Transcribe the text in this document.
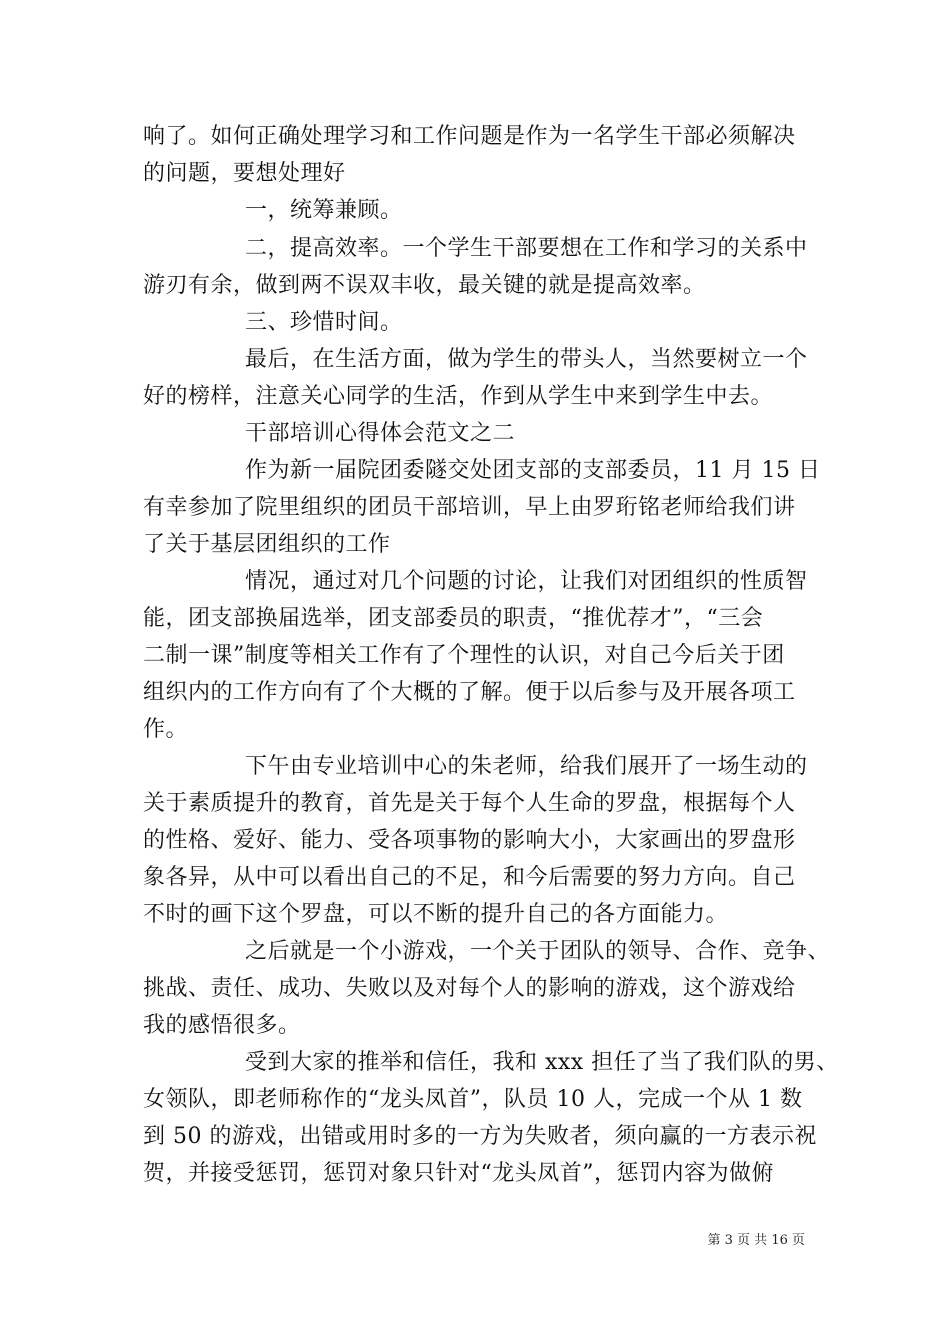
响了。如何正确处理学习和工作问题是作为一名学生干部必须解决
的问题，要想处理好
一，统筹兼顾。
二，提高效率。一个学生干部要想在工作和学习的关系中
游刃有余，做到两不误双丰收，最关键的就是提高效率。
三、珍惜时间。
最后，在生活方面，做为学生的带头人，当然要树立一个
好的榜样，注意关心同学的生活，作到从学生中来到学生中去。
干部培训心得体会范文之二
作为新一届院团委隧交处团支部的支部委员，11 月 15 日
有幸参加了院里组织的团员干部培训，早上由罗珩铭老师给我们讲
了关于基层团组织的工作
情况，通过对几个问题的讨论，让我们对团组织的性质智
能，团支部换届选举，团支部委员的职责，“推优荐才”，“三会
二制一课”制度等相关工作有了个理性的认识，对自己今后关于团
组织内的工作方向有了个大概的了解。便于以后参与及开展各项工
作。
下午由专业培训中心的朱老师，给我们展开了一场生动的
关于素质提升的教育，首先是关于每个人生命的罗盘，根据每个人
的性格、爱好、能力、受各项事物的影响大小，大家画出的罗盘形
象各异，从中可以看出自己的不足，和今后需要的努力方向。自己
不时的画下这个罗盘，可以不断的提升自己的各方面能力。
之后就是一个小游戏，一个关于团队的领导、合作、竞争、
挑战、责任、成功、失败以及对每个人的影响的游戏，这个游戏给
我的感悟很多。
受到大家的推举和信任，我和 xxx 担任了当了我们队的男、
女领队，即老师称作的“龙头凤首”，队员 10 人，完成一个从 1 数
到 50 的游戏，出错或用时多的一方为失败者，须向赢的一方表示祝
贺，并接受惩罚，惩罚对象只针对“龙头凤首”，惩罚内容为做俯
第 3 页 共 16 页
